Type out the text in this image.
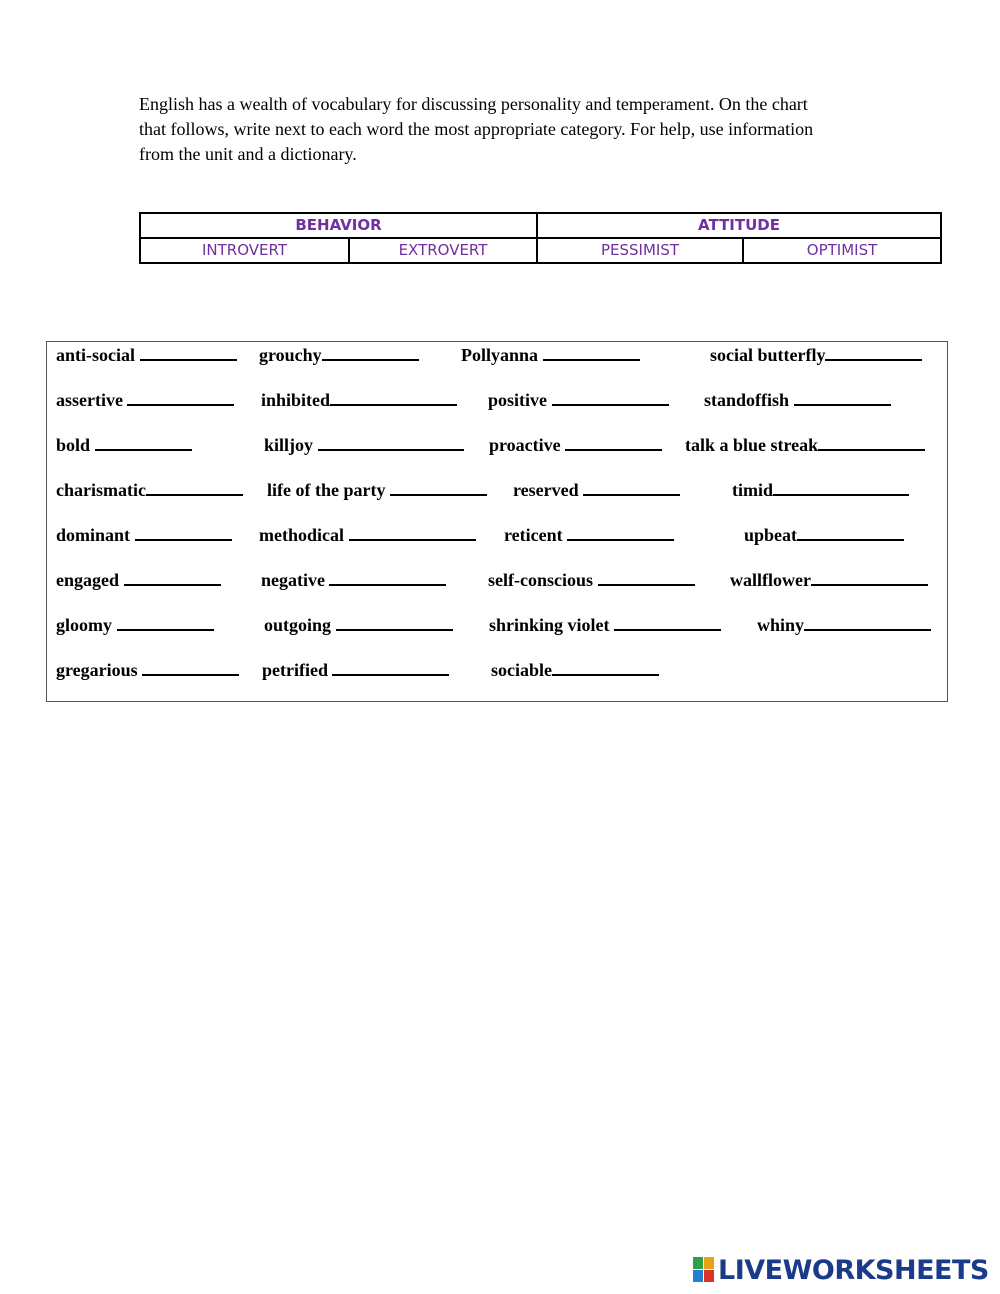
English has a wealth of vocabulary for discussing personality and temperament. On the chart that follows, write next to each word the most appropriate category. For help, use information from the unit and a dictionary.

BEHAVIOR		ATTITUDE	
INTROVERT	EXTROVERT	PESSIMIST	OPTIMIST
anti-social	grouchy	Pollyanna	social butterfly
assertive	inhibited	positive	standoffish
bold	killjoy	proactive	talk a blue streak
charismatic	life of the party	reserved	timid
dominant	methodical	reticent	upbeat
engaged	negative	self-conscious	wallflower
gloomy	outgoing	shrinking violet	whiny
gregarious	petrified	sociable
LIVEWORKSHEETS
